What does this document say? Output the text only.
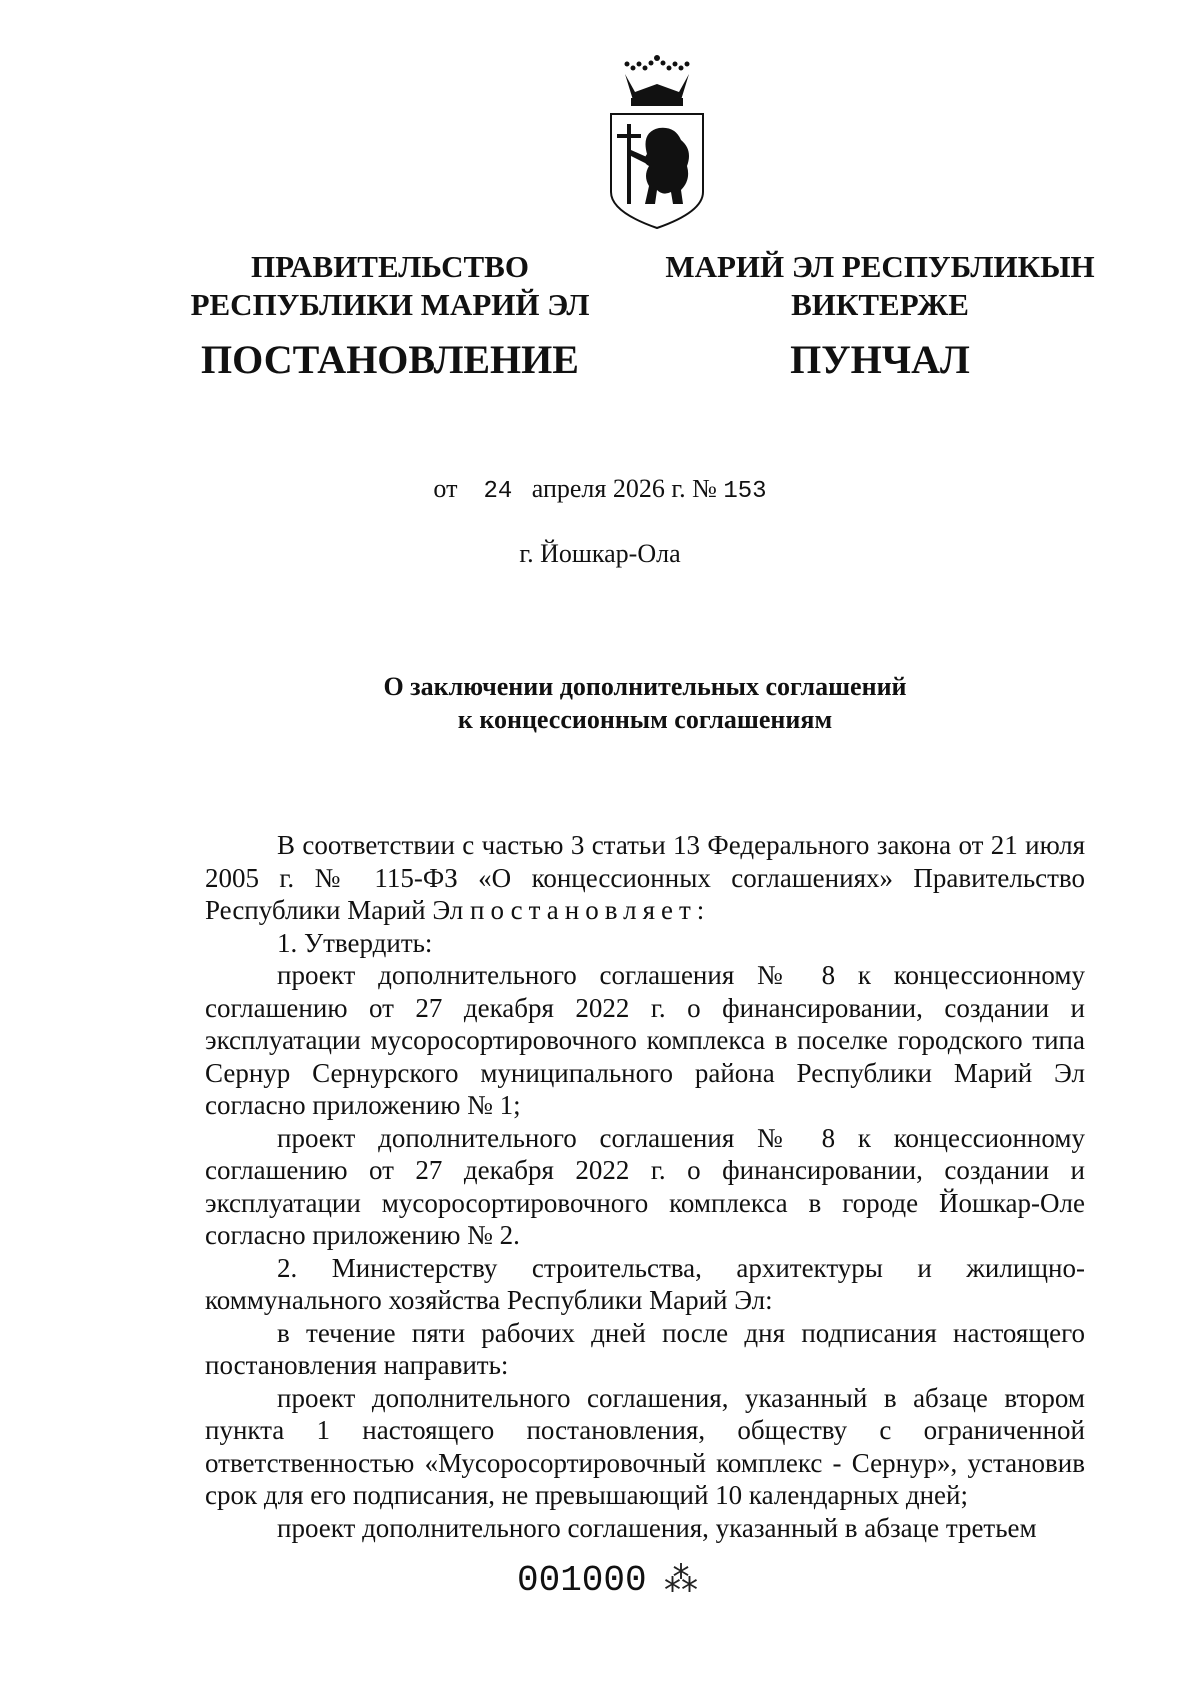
ПРАВИТЕЛЬСТВО
РЕСПУБЛИКИ МАРИЙ ЭЛ
ПОСТАНОВЛЕНИЕ
МАРИЙ ЭЛ РЕСПУБЛИКЫН
ВИКТЕРЖЕ
ПУНЧАЛ
от 24 апреля 2026 г. № 153
г. Йошкар-Ола
О заключении дополнительных соглашений
к концессионным соглашениям

В соответствии с частью 3 статьи 13 Федерального закона от 21 июля 2005 г. № 115-ФЗ «О концессионных соглашениях» Правительство Республики Марий Эл постановляет:

1. Утвердить:

проект дополнительного соглашения № 8 к концессионному соглашению от 27 декабря 2022 г. о финансировании, создании и эксплуатации мусоросортировочного комплекса в поселке городского типа Сернур Сернурского муниципального района Республики Марий Эл согласно приложению № 1;

проект дополнительного соглашения № 8 к концессионному соглашению от 27 декабря 2022 г. о финансировании, создании и эксплуатации мусоросортировочного комплекса в городе Йошкар-Оле согласно приложению № 2.

2. Министерству строительства, архитектуры и жилищно-коммунального хозяйства Республики Марий Эл:

в течение пяти рабочих дней после дня подписания настоящего постановления направить:

проект дополнительного соглашения, указанный в абзаце втором пункта 1 настоящего постановления, обществу с ограниченной ответственностью «Мусоросортировочный комплекс - Сернур», установив срок для его подписания, не превышающий 10 календарных дней;

проект дополнительного соглашения, указанный в абзаце третьем

001000 ⁂
